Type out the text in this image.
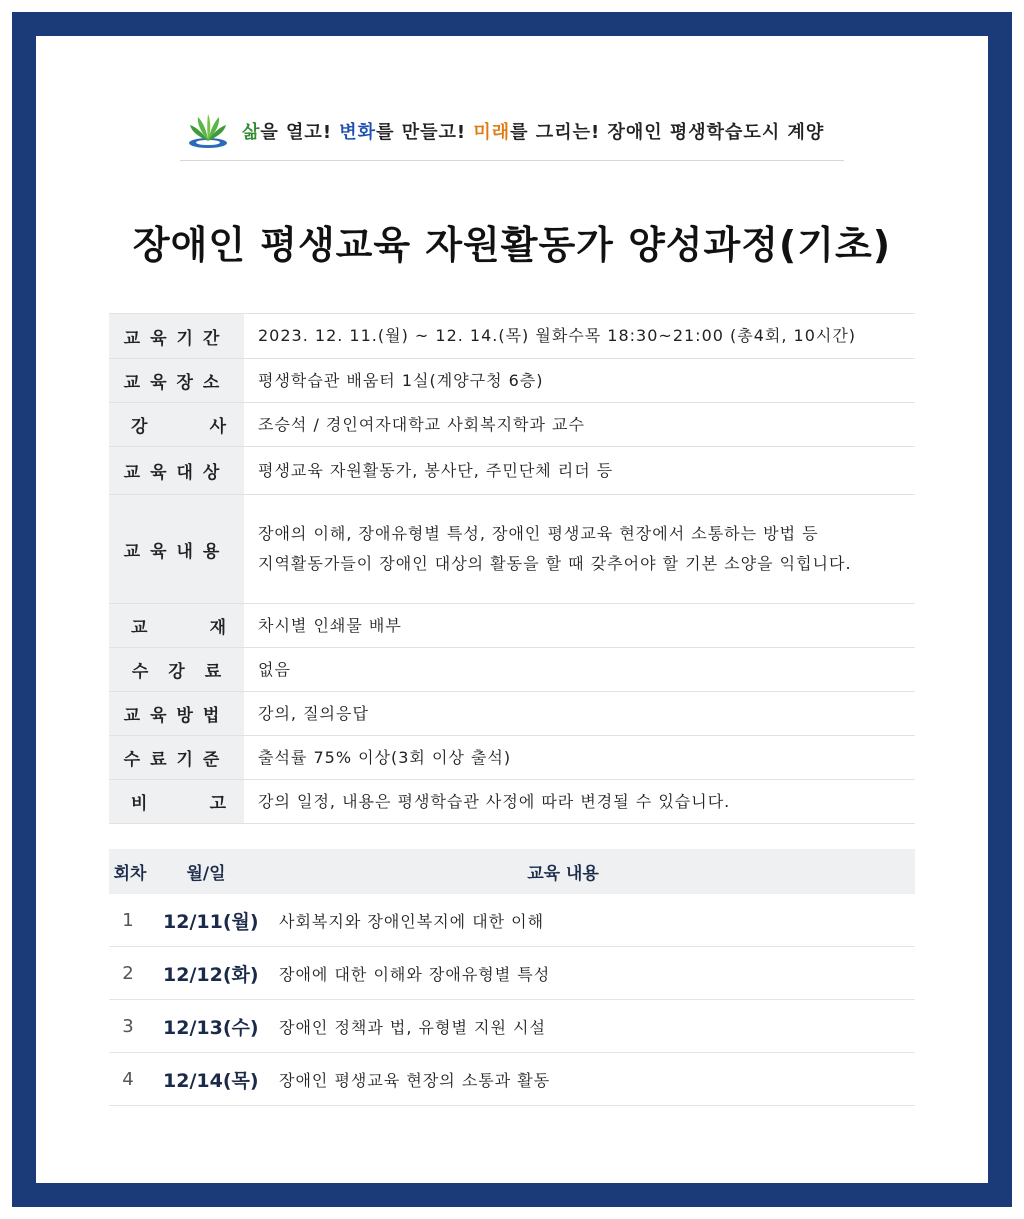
삶을 열고! 변화를 만들고! 미래를 그리는! 장애인 평생학습도시 계양
장애인 평생교육 자원활동가 양성과정(기초)
교육기간	2023. 12. 11.(월) ~ 12. 14.(목) 월화수목 18:30~21:00 (총4회, 10시간)
교육장소	평생학습관 배움터 1실(계양구청 6층)
강	사 조승석 / 경인여자대학교 사회복지학과 교수
교육대상	평생교육 자원활동가, 봉사단, 주민단체 리더 등
교육내용
장애의 이해, 장애유형별 특성, 장애인 평생교육 현장에서 소통하는 방법 등
지역활동가들이 장애인 대상의 활동을 할 때 갖추어야 할 기본 소양을 익힙니다.
교	재 차시별 인쇄물 배부
수강료 없음
교육방법	강의, 질의응답
수료기준	출석률 75% 이상(3회 이상 출석)
비	고 강의 일정, 내용은 평생학습관 사정에 따라 변경될 수 있습니다.
회차	월/일	교육 내용
1	12/11(월)	사회복지와 장애인복지에 대한 이해
2	12/12(화)	장애에 대한 이해와 장애유형별 특성
3	12/13(수)	장애인 정책과 법, 유형별 지원 시설
4	12/14(목)	장애인 평생교육 현장의 소통과 활동
